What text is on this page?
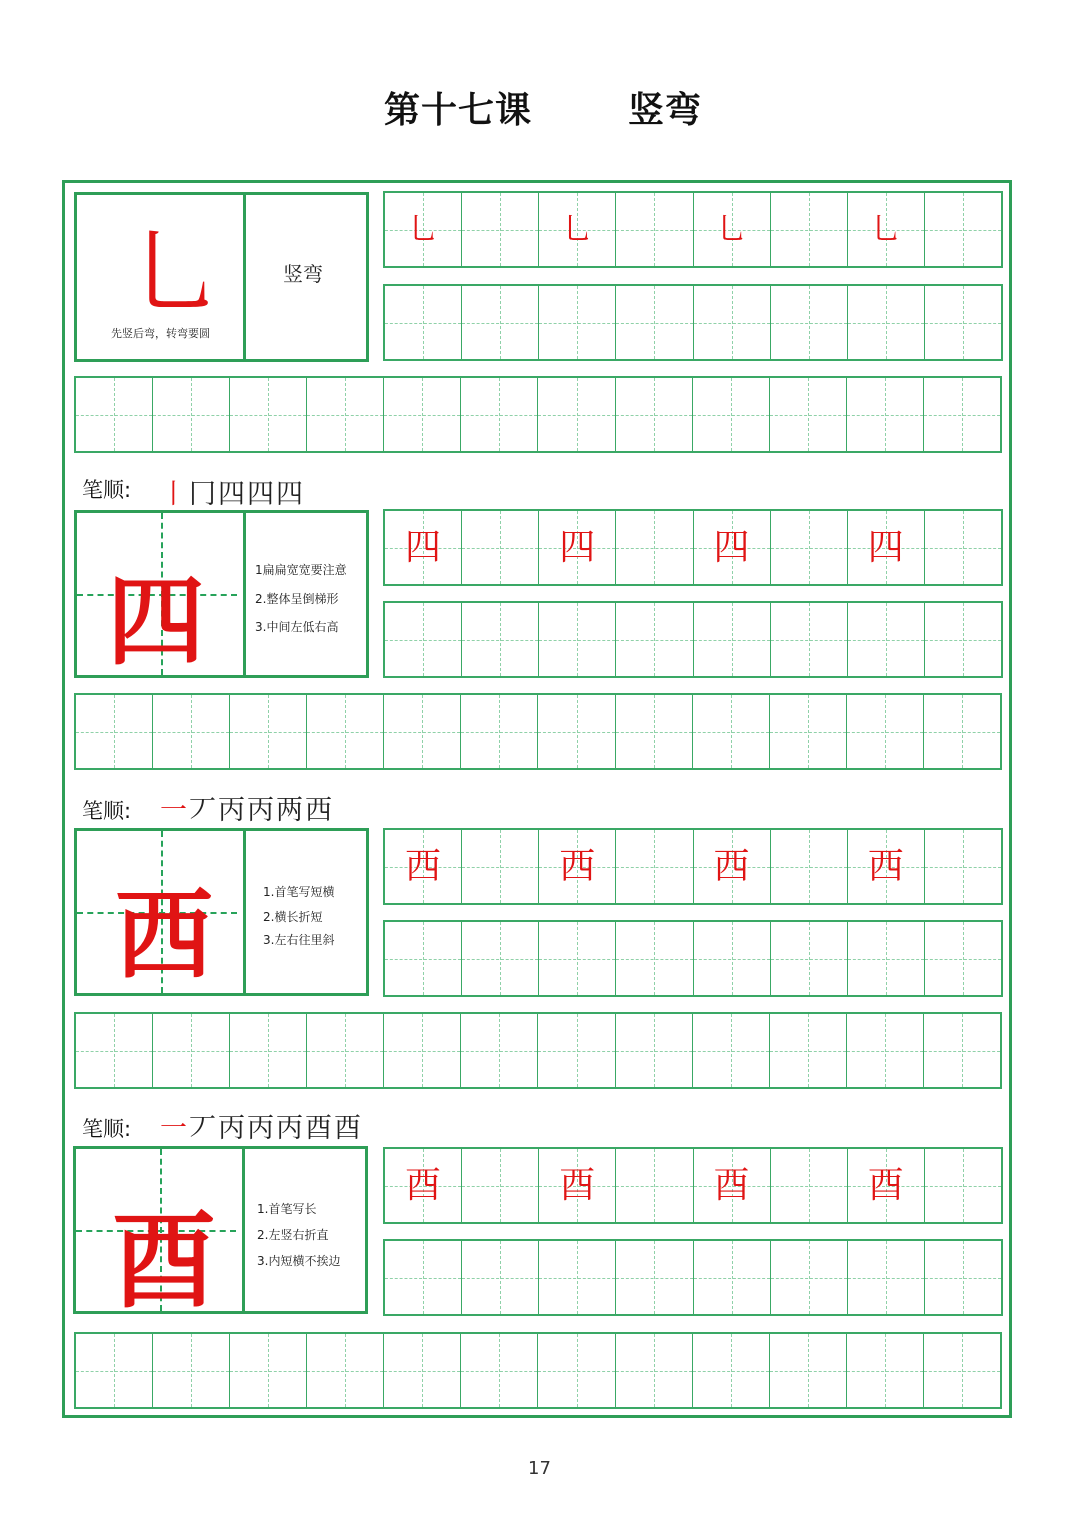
第十七课	竖弯
乚
先竖后弯，转弯要圆
竖弯
乚	乚	乚	乚
笔顺: 丨冂四四四
四	1扁扁宽宽要注意
2.整体呈倒梯形
3.中间左低右高
四	四	四	四
笔顺: 一丆丙丙两西
西	1.首笔写短横
2.横长折短
3.左右往里斜
西	西	西	西
笔顺: 一丆丙丙丙酉酉
酉	1.首笔写长
2.左竖右折直
3.内短横不挨边
酉	酉	酉	酉
17
